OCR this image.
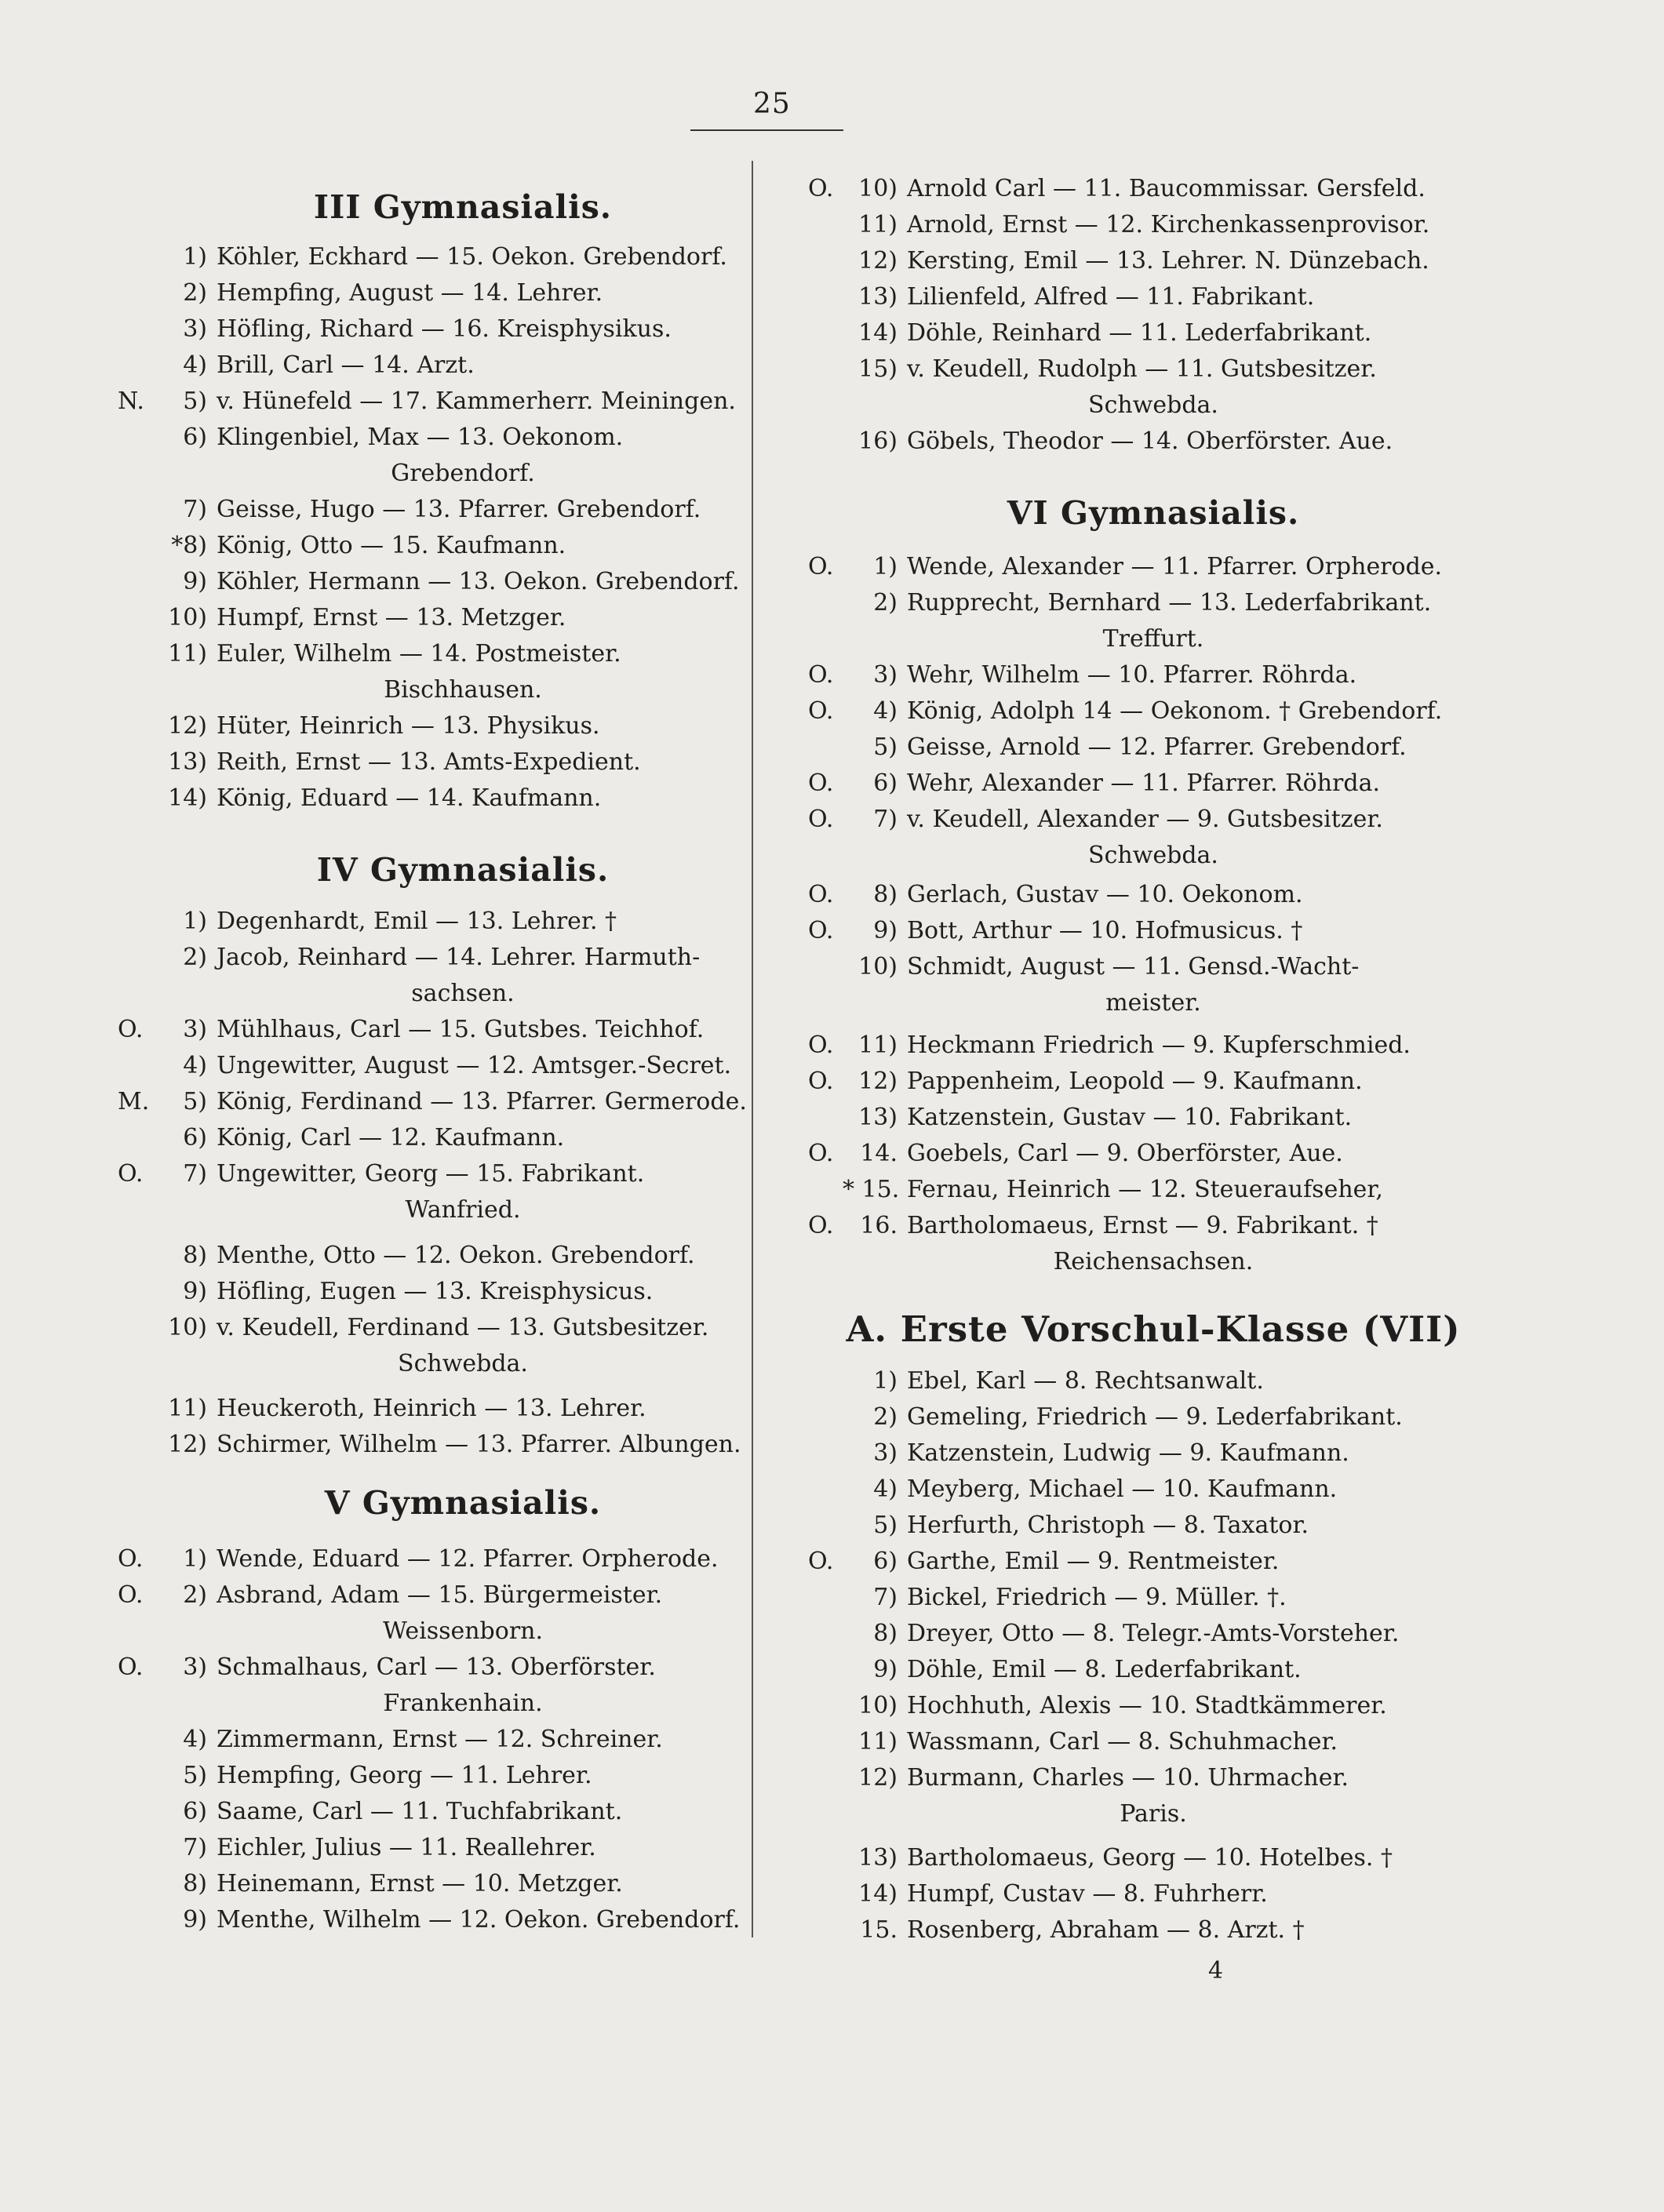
25
III Gymnasialis.
1) Köhler, Eckhard — 15. Oekon. Grebendorf.
2) Hempfing, August — 14. Lehrer.
3) Höfling, Richard — 16. Kreisphysikus.
4) Brill, Carl — 14. Arzt.
N. 5) v. Hünefeld — 17. Kammerherr. Meiningen.
6) Klingenbiel, Max — 13. Oekonom.
Grebendorf.
7) Geisse, Hugo — 13. Pfarrer. Grebendorf.
*8) König, Otto — 15. Kaufmann.
9) Köhler, Hermann — 13. Oekon. Grebendorf.
10) Humpf, Ernst — 13. Metzger.
11) Euler, Wilhelm — 14. Postmeister.
Bischhausen.
12) Hüter, Heinrich — 13. Physikus.
13) Reith, Ernst — 13. Amts-Expedient.
14) König, Eduard — 14. Kaufmann.
IV Gymnasialis.
1) Degenhardt, Emil — 13. Lehrer. †
2) Jacob, Reinhard — 14. Lehrer. Harmuth-
sachsen.
O. 3) Mühlhaus, Carl — 15. Gutsbes. Teichhof.
4) Ungewitter, August — 12. Amtsger.-Secret.
M. 5) König, Ferdinand — 13. Pfarrer. Germerode.
6) König, Carl — 12. Kaufmann.
O. 7) Ungewitter, Georg — 15. Fabrikant.
Wanfried.
8) Menthe, Otto — 12. Oekon. Grebendorf.
9) Höfling, Eugen — 13. Kreisphysicus.
10) v. Keudell, Ferdinand — 13. Gutsbesitzer.
Schwebda.
11) Heuckeroth, Heinrich — 13. Lehrer.
12) Schirmer, Wilhelm — 13. Pfarrer. Albungen.
V Gymnasialis.
O. 1) Wende, Eduard — 12. Pfarrer. Orpherode.
O. 2) Asbrand, Adam — 15. Bürgermeister.
Weissenborn.
O. 3) Schmalhaus, Carl — 13. Oberförster.
Frankenhain.
4) Zimmermann, Ernst — 12. Schreiner.
5) Hempfing, Georg — 11. Lehrer.
6) Saame, Carl — 11. Tuchfabrikant.
7) Eichler, Julius — 11. Reallehrer.
8) Heinemann, Ernst — 10. Metzger.
9) Menthe, Wilhelm — 12. Oekon. Grebendorf.
O. 10) Arnold Carl — 11. Baucommissar. Gersfeld.
11) Arnold, Ernst — 12. Kirchenkassenprovisor.
12) Kersting, Emil — 13. Lehrer. N. Dünzebach.
13) Lilienfeld, Alfred — 11. Fabrikant.
14) Döhle, Reinhard — 11. Lederfabrikant.
15) v. Keudell, Rudolph — 11. Gutsbesitzer.
Schwebda.
16) Göbels, Theodor — 14. Oberförster. Aue.
VI Gymnasialis.
O. 1) Wende, Alexander — 11. Pfarrer. Orpherode.
2) Rupprecht, Bernhard — 13. Lederfabrikant.
Treffurt.
O. 3) Wehr, Wilhelm — 10. Pfarrer. Röhrda.
O. 4) König, Adolph 14 — Oekonom. † Grebendorf.
5) Geisse, Arnold — 12. Pfarrer. Grebendorf.
O. 6) Wehr, Alexander — 11. Pfarrer. Röhrda.
O. 7) v. Keudell, Alexander — 9. Gutsbesitzer.
Schwebda.
O. 8) Gerlach, Gustav — 10. Oekonom.
O. 9) Bott, Arthur — 10. Hofmusicus. †
10) Schmidt, August — 11. Gensd.-Wacht-
meister.
O. 11) Heckmann Friedrich — 9. Kupferschmied.
O. 12) Pappenheim, Leopold — 9. Kaufmann.
13) Katzenstein, Gustav — 10. Fabrikant.
O. 14. Goebels, Carl — 9. Oberförster, Aue.
* 15. Fernau, Heinrich — 12. Steueraufseher,
O. 16. Bartholomaeus, Ernst — 9. Fabrikant. †
Reichensachsen.
A. Erste Vorschul-Klasse (VII)
1) Ebel, Karl — 8. Rechtsanwalt.
2) Gemeling, Friedrich — 9. Lederfabrikant.
3) Katzenstein, Ludwig — 9. Kaufmann.
4) Meyberg, Michael — 10. Kaufmann.
5) Herfurth, Christoph — 8. Taxator.
O. 6) Garthe, Emil — 9. Rentmeister.
7) Bickel, Friedrich — 9. Müller. †.
8) Dreyer, Otto — 8. Telegr.-Amts-Vorsteher.
9) Döhle, Emil — 8. Lederfabrikant.
10) Hochhuth, Alexis — 10. Stadtkämmerer.
11) Wassmann, Carl — 8. Schuhmacher.
12) Burmann, Charles — 10. Uhrmacher.
Paris.
13) Bartholomaeus, Georg — 10. Hotelbes. †
14) Humpf, Custav — 8. Fuhrherr.
15. Rosenberg, Abraham — 8. Arzt. †
4
